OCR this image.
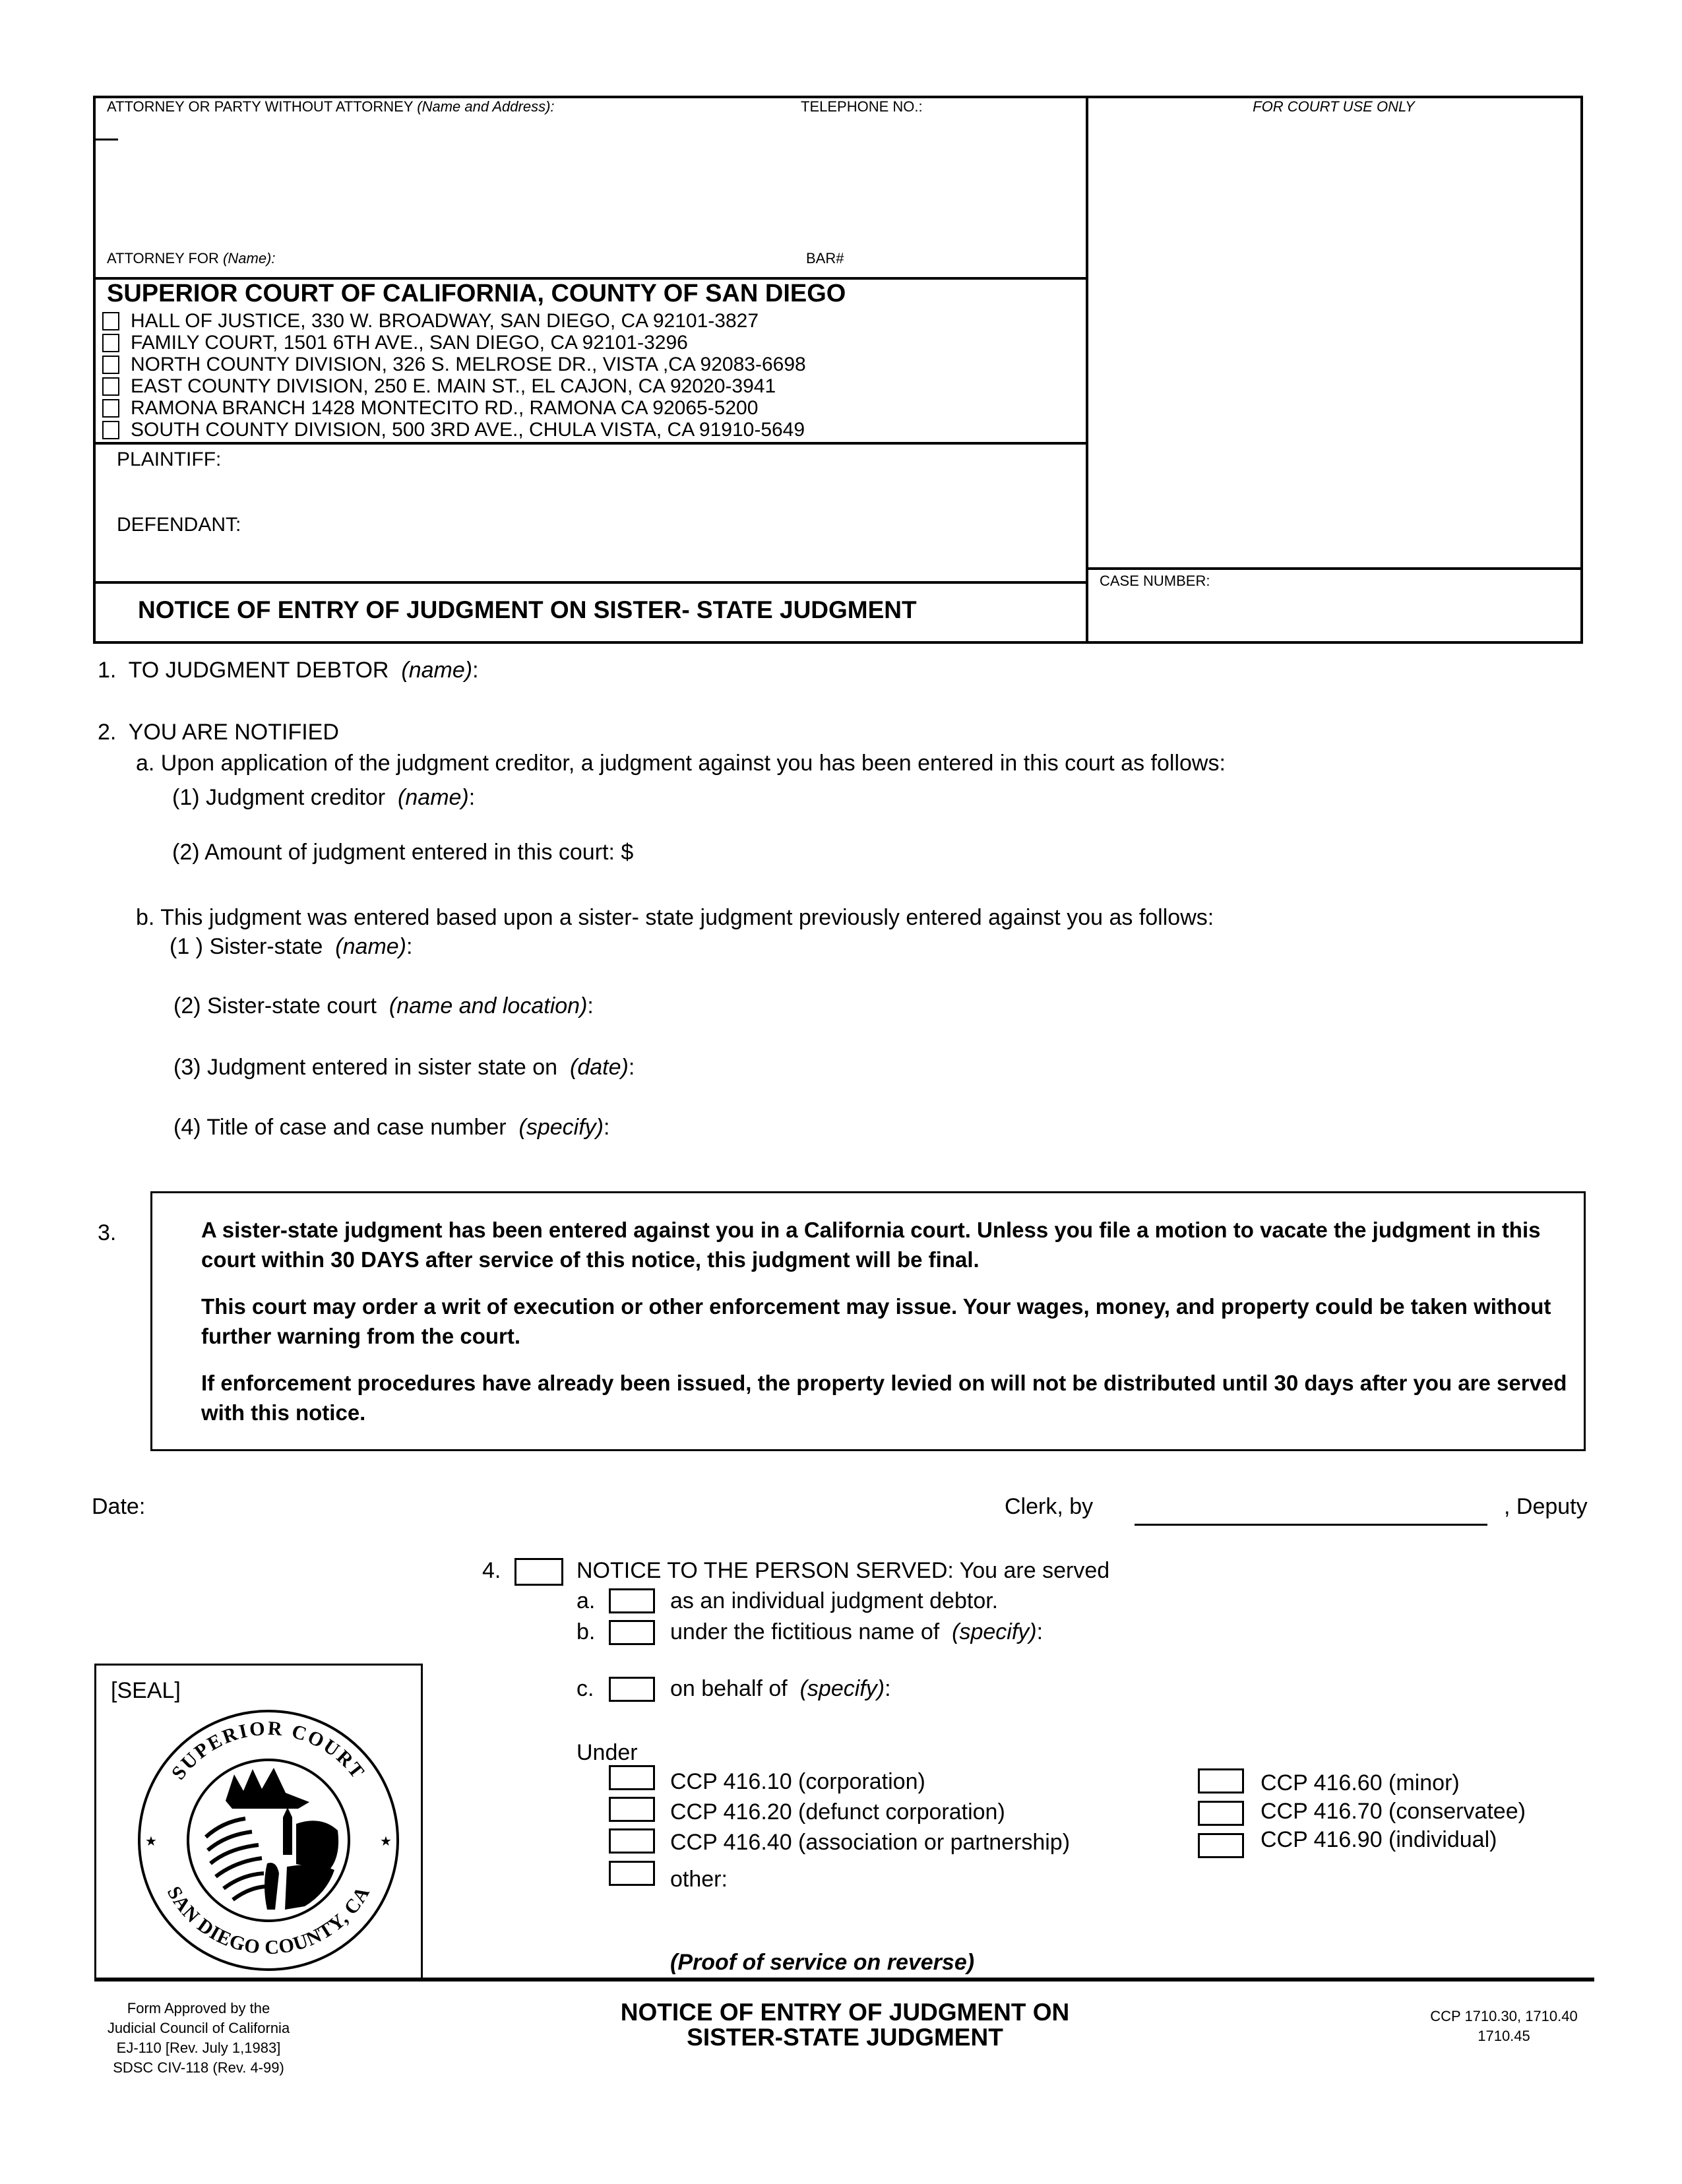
ATTORNEY OR PARTY WITHOUT ATTORNEY (Name and Address):	TELEPHONE NO.:	FOR COURT USE ONLY
ATTORNEY FOR (Name):	BAR#
SUPERIOR COURT OF CALIFORNIA, COUNTY OF SAN DIEGO
HALL OF JUSTICE, 330 W. BROADWAY, SAN DIEGO, CA 92101-3827
FAMILY COURT, 1501 6TH AVE., SAN DIEGO, CA 92101-3296
NORTH COUNTY DIVISION, 326 S. MELROSE DR., VISTA ,CA 92083-6698
EAST COUNTY DIVISION, 250 E. MAIN ST., EL CAJON, CA 92020-3941
RAMONA BRANCH 1428 MONTECITO RD., RAMONA CA 92065-5200
SOUTH COUNTY DIVISION, 500 3RD AVE., CHULA VISTA, CA 91910-5649
PLAINTIFF:
DEFENDANT:
NOTICE OF ENTRY OF JUDGMENT ON SISTER- STATE JUDGMENT
CASE NUMBER:
1. TO JUDGMENT DEBTOR (name):
2. YOU ARE NOTIFIED
a. Upon application of the judgment creditor, a judgment against you has been entered in this court as follows:
(1) Judgment creditor (name):
(2) Amount of judgment entered in this court: $
b. This judgment was entered based upon a sister- state judgment previously entered against you as follows:
(1 ) Sister-state (name):
(2) Sister-state court (name and location):
(3) Judgment entered in sister state on (date):
(4) Title of case and case number (specify):
3.	A sister-state judgment has been entered against you in a California court. Unless you file a motion to vacate the judgment in this court within 30 DAYS after service of this notice, this judgment will be final.

This court may order a writ of execution or other enforcement may issue. Your wages, money, and property could be taken without further warning from the court.

If enforcement procedures have already been issued, the property levied on will not be distributed until 30 days after you are served with this notice.

Date:	Clerk, by	, Deputy
4.	NOTICE TO THE PERSON SERVED: You are served
a.	as an individual judgment debtor.
b.	under the fictitious name of (specify):
c.	on behalf of (specify):
Under
CCP 416.10 (corporation)
CCP 416.20 (defunct corporation)
CCP 416.40 (association or partnership)
other:
CCP 416.60 (minor)
CCP 416.70 (conservatee)
CCP 416.90 (individual)
(Proof of service on reverse)
[SEAL]
★	★
SUPERIOR COURT
SAN DIEGO COUNTY, CA
Form Approved by the
Judicial Council of California
EJ-110 [Rev. July 1,1983]
SDSC CIV-118 (Rev. 4-99)
NOTICE OF ENTRY OF JUDGMENT ON
SISTER-STATE JUDGMENT
CCP 1710.30, 1710.40
1710.45
